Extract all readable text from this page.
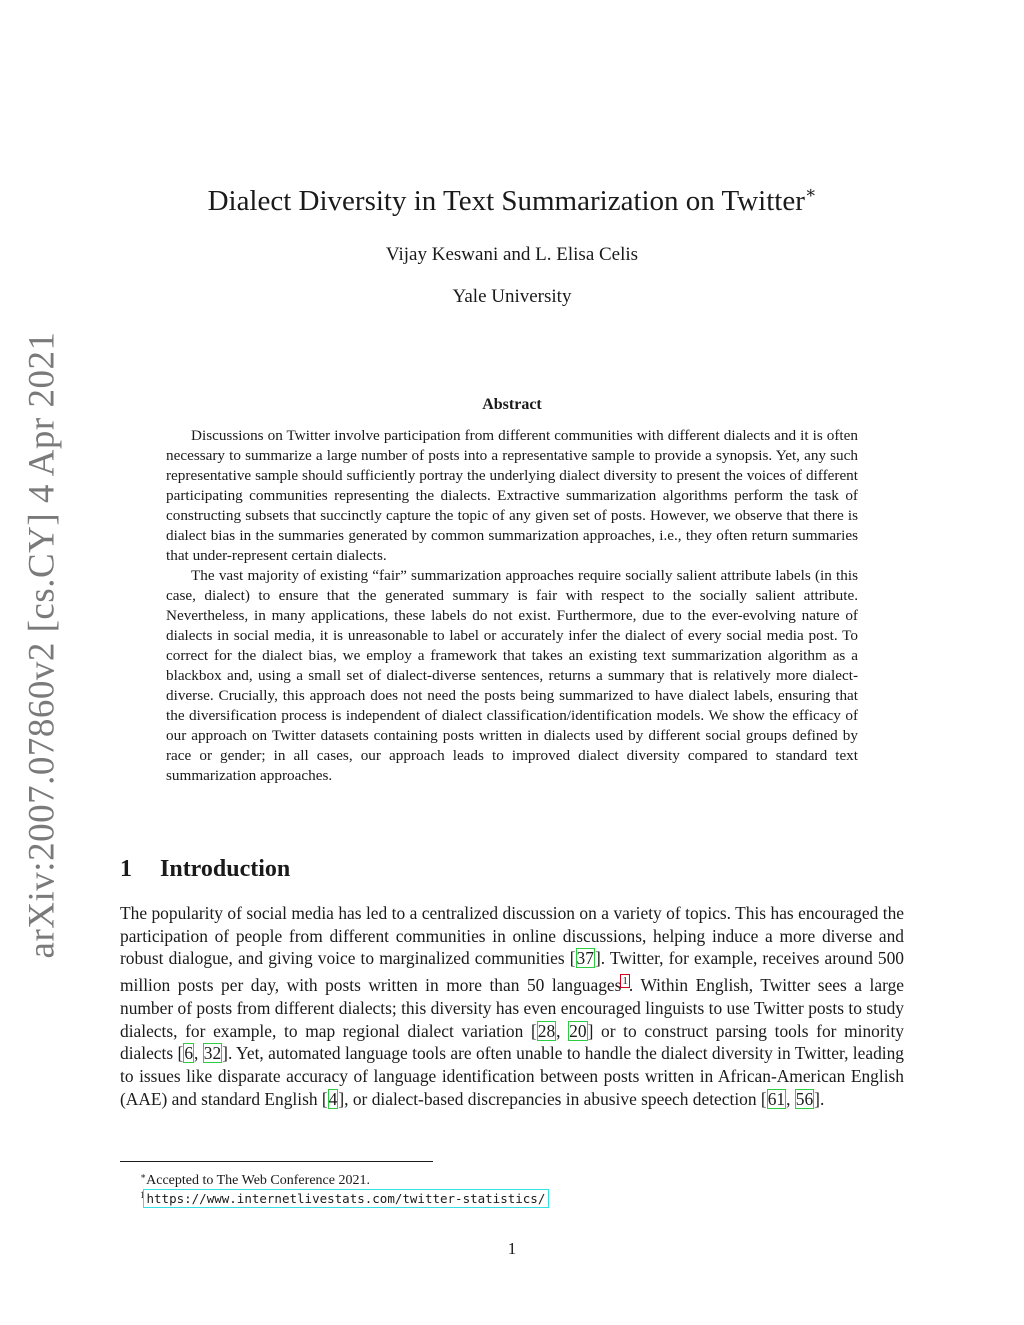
arXiv:2007.07860v2 [cs.CY] 4 Apr 2021
Dialect Diversity in Text Summarization on Twitter∗
Vijay Keswani and L. Elisa Celis
Yale University
Abstract

Discussions on Twitter involve participation from different communities with different dialects and it is often necessary to summarize a large number of posts into a representative sample to provide a synopsis. Yet, any such representative sample should sufficiently portray the underlying dialect diversity to present the voices of different participating communities representing the dialects. Extractive summarization algorithms perform the task of constructing subsets that succinctly capture the topic of any given set of posts. However, we observe that there is dialect bias in the summaries generated by common summarization approaches, i.e., they often return summaries that under-represent certain dialects.

The vast majority of existing “fair” summarization approaches require socially salient attribute labels (in this case, dialect) to ensure that the generated summary is fair with respect to the socially salient attribute. Nevertheless, in many applications, these labels do not exist. Furthermore, due to the ever-evolving nature of dialects in social media, it is unreasonable to label or accurately infer the dialect of every social media post. To correct for the dialect bias, we employ a framework that takes an existing text summarization algorithm as a blackbox and, using a small set of dialect-diverse sentences, returns a summary that is relatively more dialect-diverse. Crucially, this approach does not need the posts being summarized to have dialect labels, ensuring that the diversification process is independent of dialect classification/identification models. We show the efficacy of our approach on Twitter datasets containing posts written in dialects used by different social groups defined by race or gender; in all cases, our approach leads to improved dialect diversity compared to standard text summarization approaches.

1 Introduction

The popularity of social media has led to a centralized discussion on a variety of topics. This has encouraged the participation of people from different communities in online discussions, helping induce a more diverse and robust dialogue, and giving voice to marginalized communities [37]. Twitter, for example, receives around 500 million posts per day, with posts written in more than 50 languages$^1$. Within English, Twitter sees a large number of posts from different dialects; this diversity has even encouraged linguists to use Twitter posts to study dialects, for example, to map regional dialect variation [28, 20] or to construct parsing tools for minority dialects [6, 32]. Yet, automated language tools are often unable to handle the dialect diversity in Twitter, leading to issues like disparate accuracy of language identification between posts written in African-American English (AAE) and standard English [4], or dialect-based discrepancies in abusive speech detection [61, 56].

∗Accepted to The Web Conference 2021.
$^1$ https://www.internetlivestats.com/twitter-statistics/
1
